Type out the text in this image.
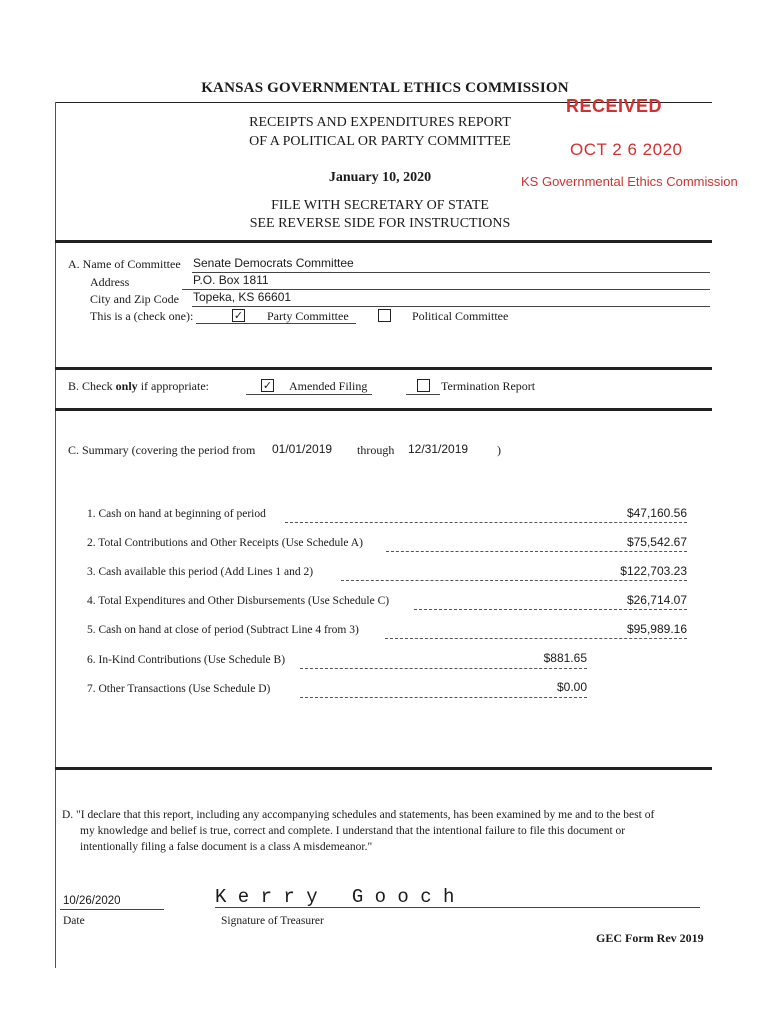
KANSAS GOVERNMENTAL ETHICS COMMISSION
RECEIPTS AND EXPENDITURES REPORT
OF A POLITICAL OR PARTY COMMITTEE
January 10, 2020
FILE WITH SECRETARY OF STATE
SEE REVERSE SIDE FOR INSTRUCTIONS
RECEIVED
OCT 2 6 2020
KS Governmental Ethics Commission
A. Name of Committee Senate Democrats Committee
Address	P.O. Box 1811
City and Zip Code Topeka, KS 66601
This is a (check one):	✓ Party Committee	Political Committee
B. Check only if appropriate:	✓ Amended Filing	Termination Report
C. Summary (covering the period from 01/01/2019 through 12/31/2019 )
1. Cash on hand at beginning of period	$47,160.56
2. Total Contributions and Other Receipts (Use Schedule A)	$75,542.67
3. Cash available this period (Add Lines 1 and 2)	$122,703.23
4. Total Expenditures and Other Disbursements (Use Schedule C)	$26,714.07
5. Cash on hand at close of period (Subtract Line 4 from 3)	$95,989.16
6. In-Kind Contributions (Use Schedule B)	$881.65
7. Other Transactions (Use Schedule D)	$0.00
D. "I declare that this report, including any accompanying schedules and statements, has been examined by me and to the best of
my knowledge and belief is true, correct and complete. I understand that the intentional failure to file this document or
intentionally filing a false document is a class A misdemeanor."
10/26/2020
Date
K e r r y   G o o c h
Signature of Treasurer
GEC Form Rev 2019
